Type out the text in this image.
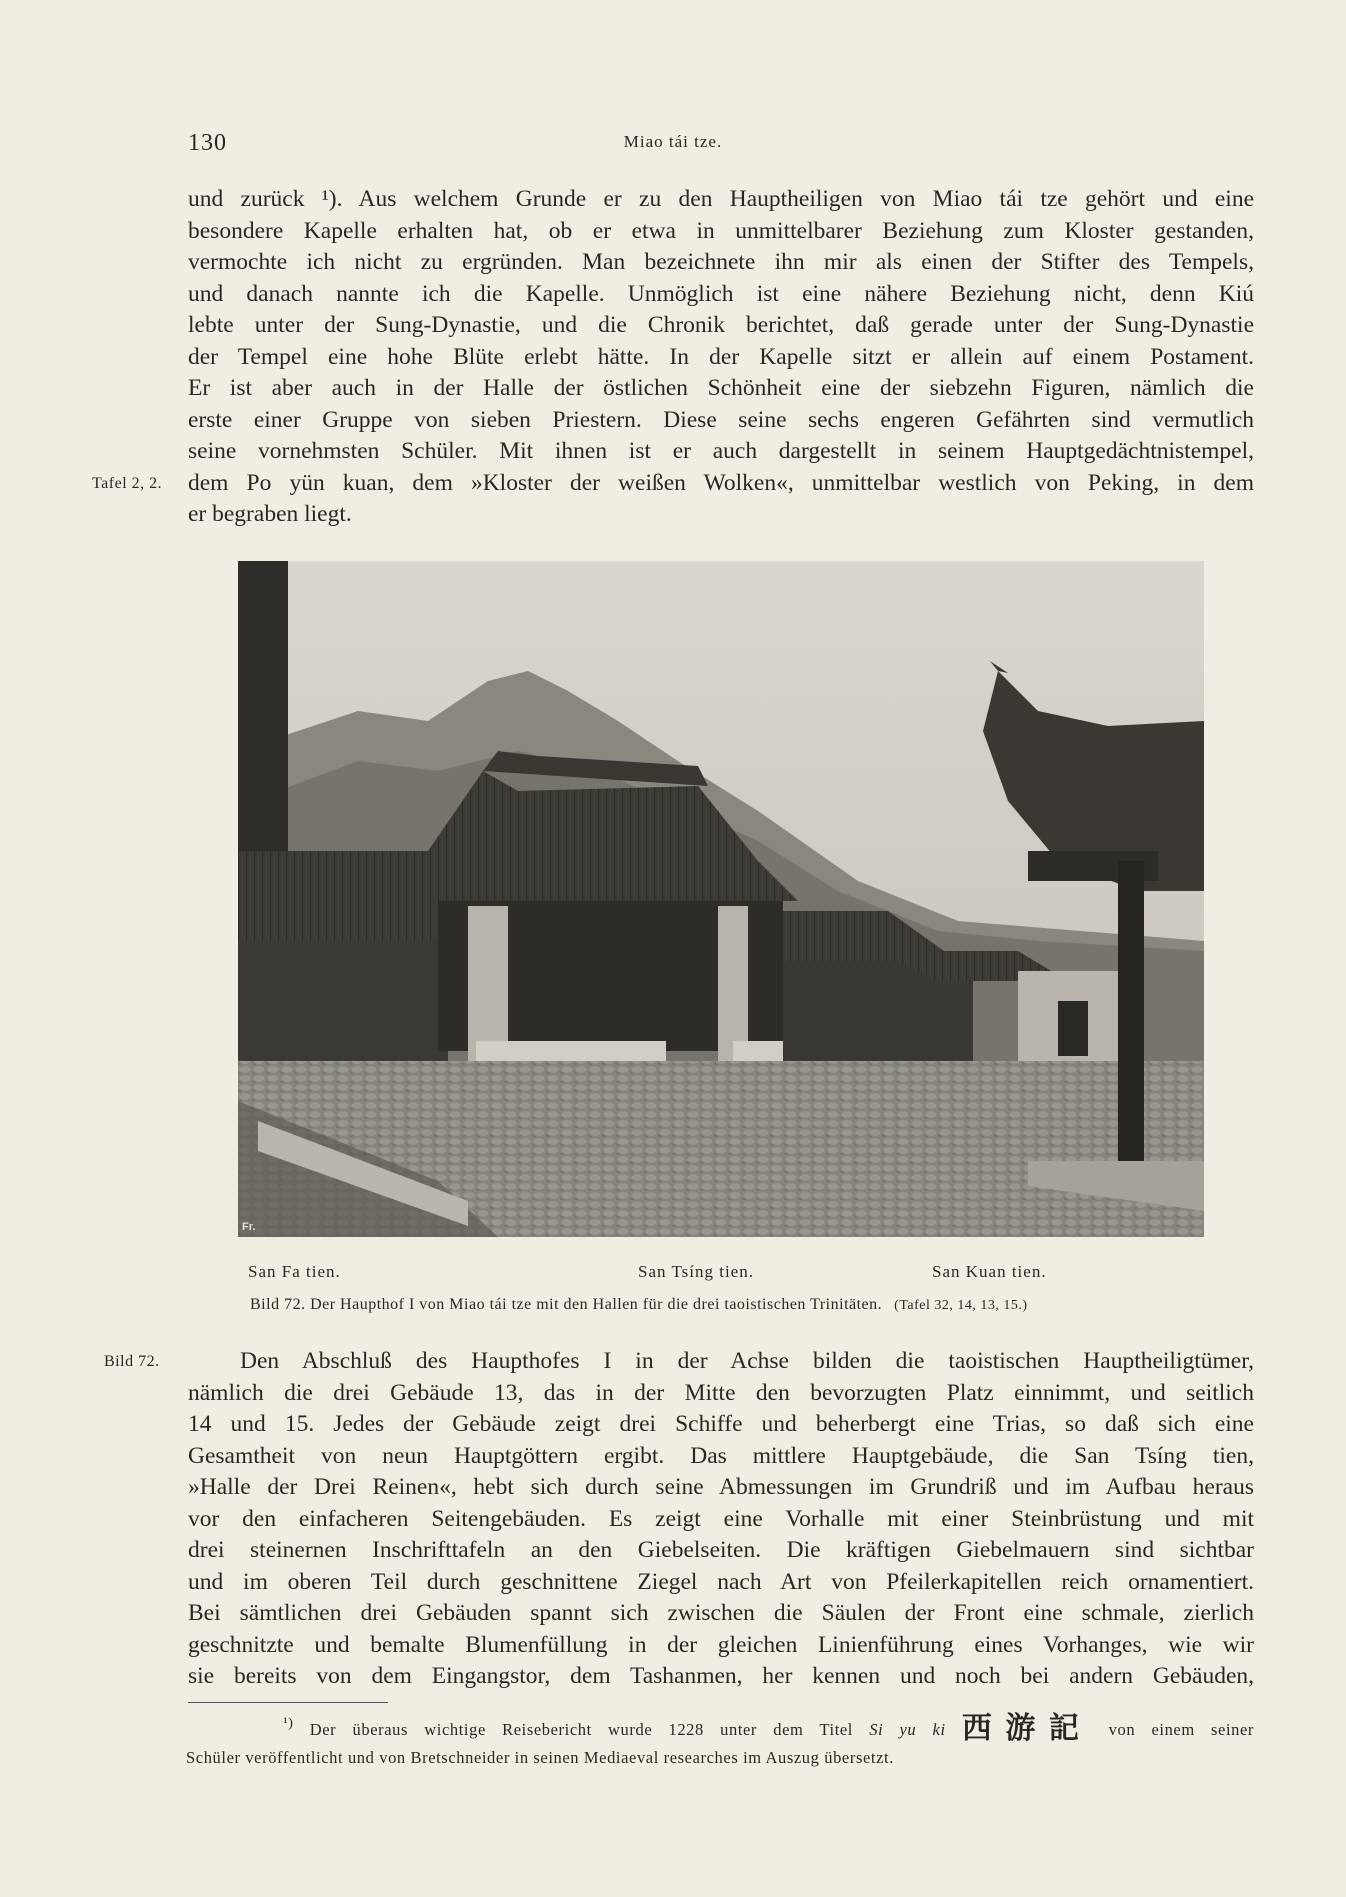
130	Miao tái tze.
und zurück ¹). Aus welchem Grunde er zu den Hauptheiligen von Miao tái tze gehört und eine
besondere Kapelle erhalten hat, ob er etwa in unmittelbarer Beziehung zum Kloster gestanden,
vermochte ich nicht zu ergründen. Man bezeichnete ihn mir als einen der Stifter des Tempels,
und danach nannte ich die Kapelle. Unmöglich ist eine nähere Beziehung nicht, denn Kiú
lebte unter der Sung-Dynastie, und die Chronik berichtet, daß gerade unter der Sung-Dynastie
der Tempel eine hohe Blüte erlebt hätte. In der Kapelle sitzt er allein auf einem Postament.
Er ist aber auch in der Halle der östlichen Schönheit eine der siebzehn Figuren, nämlich die
erste einer Gruppe von sieben Priestern. Diese seine sechs engeren Gefährten sind vermutlich
seine vornehmsten Schüler. Mit ihnen ist er auch dargestellt in seinem Hauptgedächtnistempel,
dem Po yün kuan, dem »Kloster der weißen Wolken«, unmittelbar westlich von Peking, in dem
er begraben liegt.
Tafel 2, 2.
Fr.
San Fa tien.	San Tsíng tien.	San Kuan tien.
Bild 72. Der Haupthof I von Miao tái tze mit den Hallen für die drei taoistischen Trinitäten. (Tafel 32, 14, 13, 15.)
Bild 72.	Den Abschluß des Haupthofes I in der Achse bilden die taoistischen Hauptheiligtümer,
nämlich die drei Gebäude 13, das in der Mitte den bevorzugten Platz einnimmt, und seitlich
14 und 15. Jedes der Gebäude zeigt drei Schiffe und beherbergt eine Trias, so daß sich eine
Gesamtheit von neun Hauptgöttern ergibt. Das mittlere Hauptgebäude, die San Tsíng tien,
»Halle der Drei Reinen«, hebt sich durch seine Abmessungen im Grundriß und im Aufbau heraus
vor den einfacheren Seitengebäuden. Es zeigt eine Vorhalle mit einer Steinbrüstung und mit
drei steinernen Inschrifttafeln an den Giebelseiten. Die kräftigen Giebelmauern sind sichtbar
und im oberen Teil durch geschnittene Ziegel nach Art von Pfeilerkapitellen reich ornamentiert.
Bei sämtlichen drei Gebäuden spannt sich zwischen die Säulen der Front eine schmale, zierlich
geschnitzte und bemalte Blumenfüllung in der gleichen Linienführung eines Vorhanges, wie wir
sie bereits von dem Eingangstor, dem Tashanmen, her kennen und noch bei andern Gebäuden,
$^{^1)}$ Der überaus wichtige Reisebericht wurde 1228 unter dem Titel Si yu ki 西游記 von einem seiner
Schüler veröffentlicht und von Bretschneider in seinen Mediaeval researches im Auszug übersetzt.
